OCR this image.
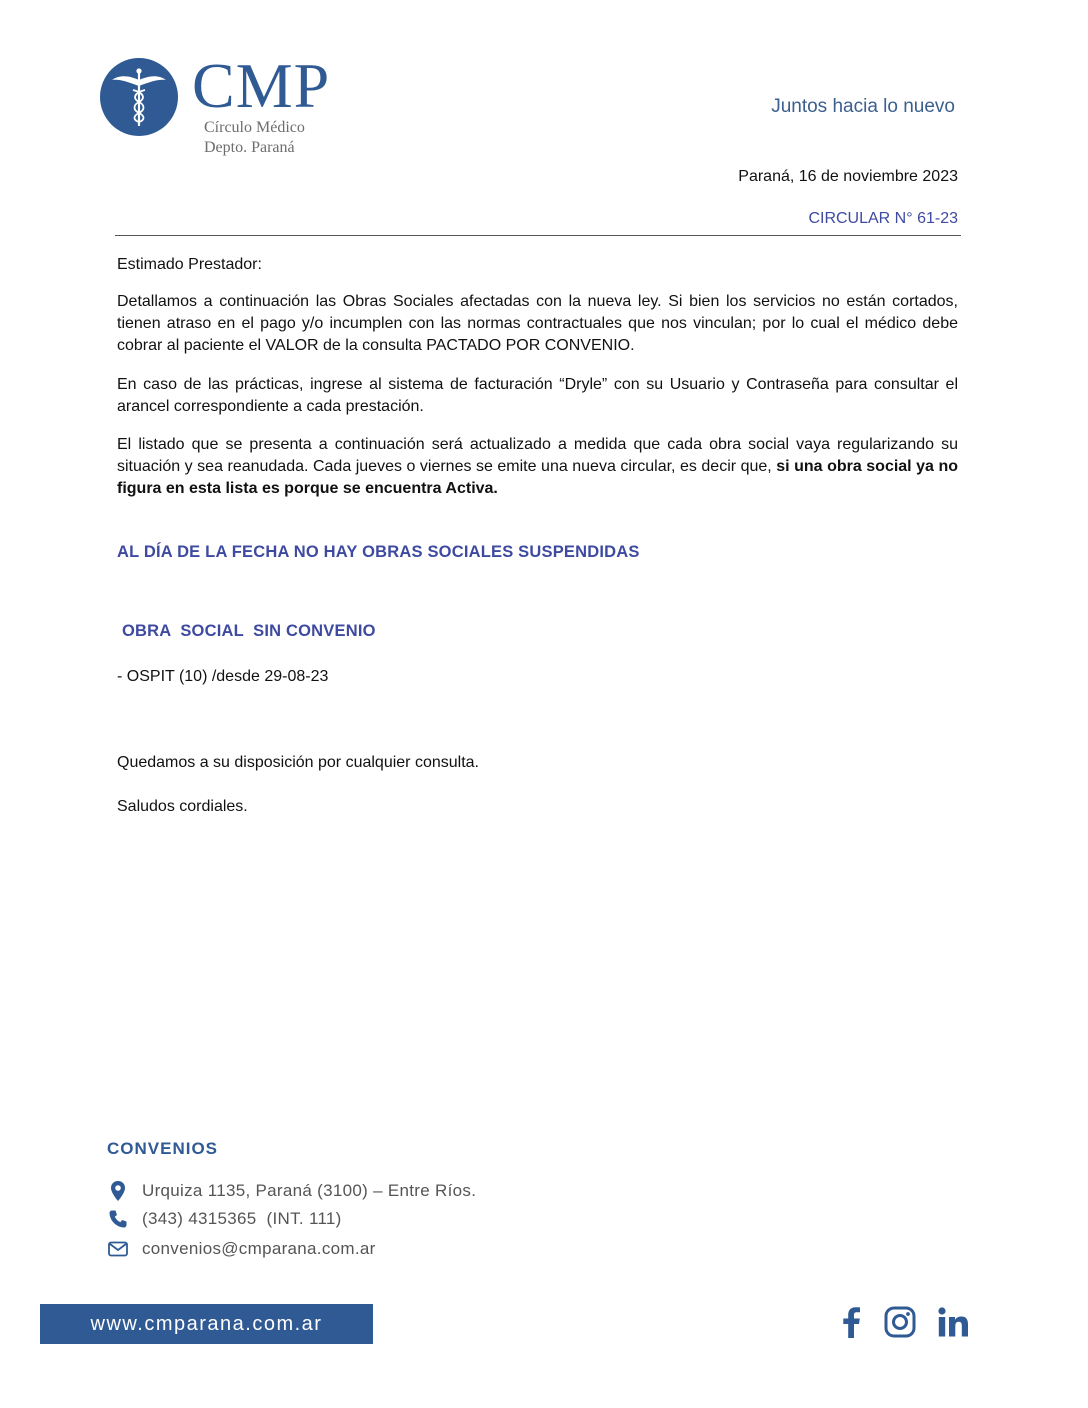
CMP
Círculo Médico
Depto. Paraná
Juntos hacia lo nuevo
Paraná, 16 de noviembre 2023
CIRCULAR N° 61-23
Estimado Prestador:
Detallamos a continuación las Obras Sociales afectadas con la nueva ley. Si bien los servicios no están cortados, tienen atraso en el pago y/o incumplen con las normas contractuales que nos vinculan; por lo cual el médico debe cobrar al paciente el VALOR de la consulta PACTADO POR CONVENIO.
En caso de las prácticas, ingrese al sistema de facturación “Dryle” con su Usuario y Contraseña para consultar el arancel correspondiente a cada prestación.
El listado que se presenta a continuación será actualizado a medida que cada obra social vaya regularizando su situación y sea reanudada. Cada jueves o viernes se emite una nueva circular, es decir que, si una obra social ya no figura en esta lista es porque se encuentra Activa.
AL DÍA DE LA FECHA NO HAY OBRAS SOCIALES SUSPENDIDAS
OBRA  SOCIAL  SIN CONVENIO
- OSPIT (10) /desde 29-08-23
Quedamos a su disposición por cualquier consulta.
Saludos cordiales.
CONVENIOS
Urquiza 1135, Paraná (3100) – Entre Ríos.
(343) 4315365  (INT. 111)
convenios@cmparana.com.ar
www.cmparana.com.ar
